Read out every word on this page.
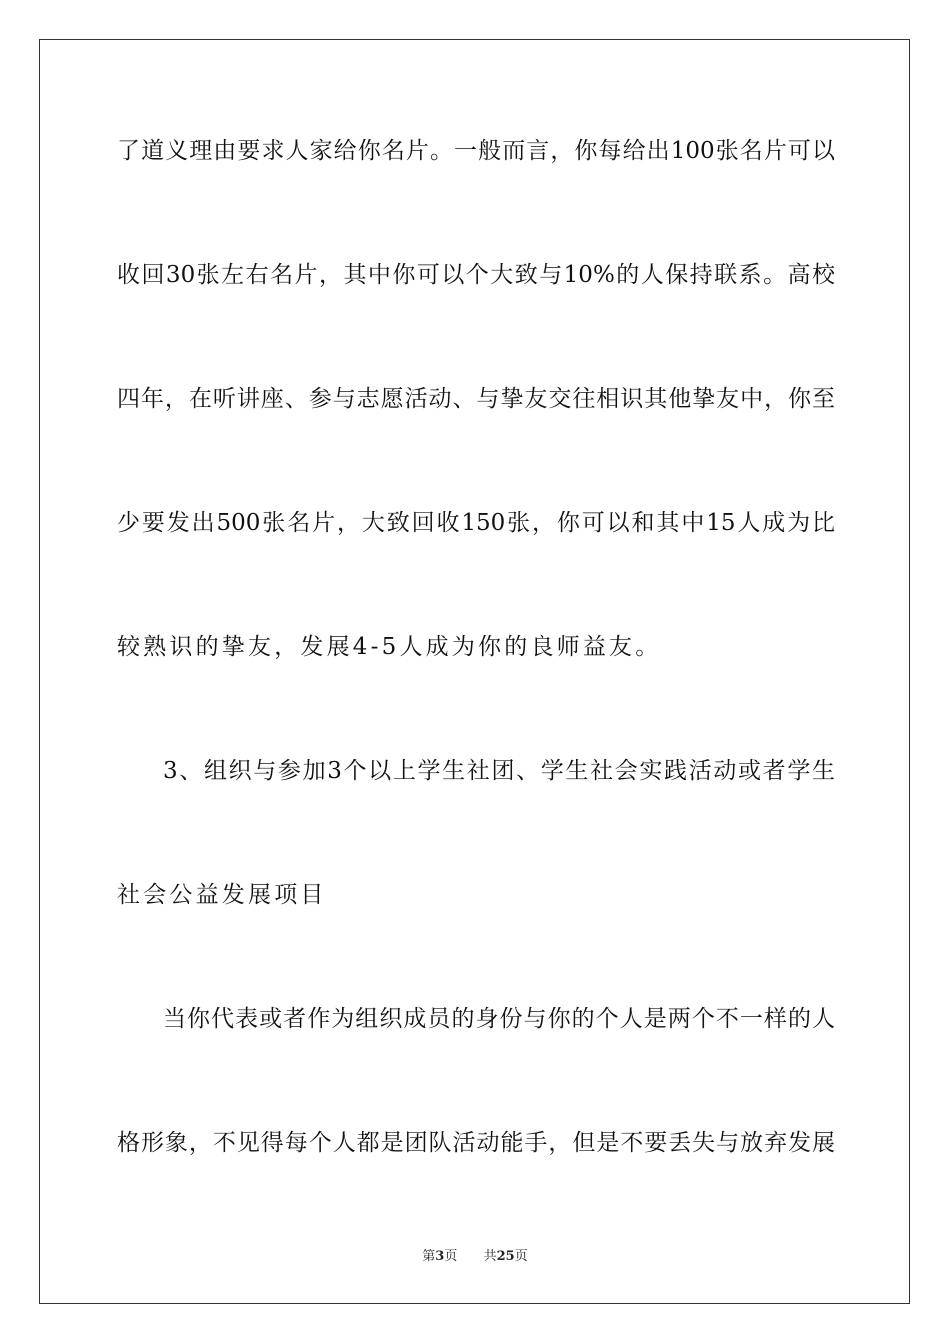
了道义理由要求人家给你名片。一般而言，你每给出100张名片可以
收回30张左右名片，其中你可以个大致与10%的人保持联系。高校
四年，在听讲座、参与志愿活动、与挚友交往相识其他挚友中，你至
少要发出500张名片，大致回收150张，你可以和其中15人成为比
较熟识的挚友，发展4-5人成为你的良师益友。
3、组织与参加3个以上学生社团、学生社会实践活动或者学生
社会公益发展项目
当你代表或者作为组织成员的身份与你的个人是两个不一样的人
格形象，不见得每个人都是团队活动能手，但是不要丢失与放弃发展
第3页 共25页
